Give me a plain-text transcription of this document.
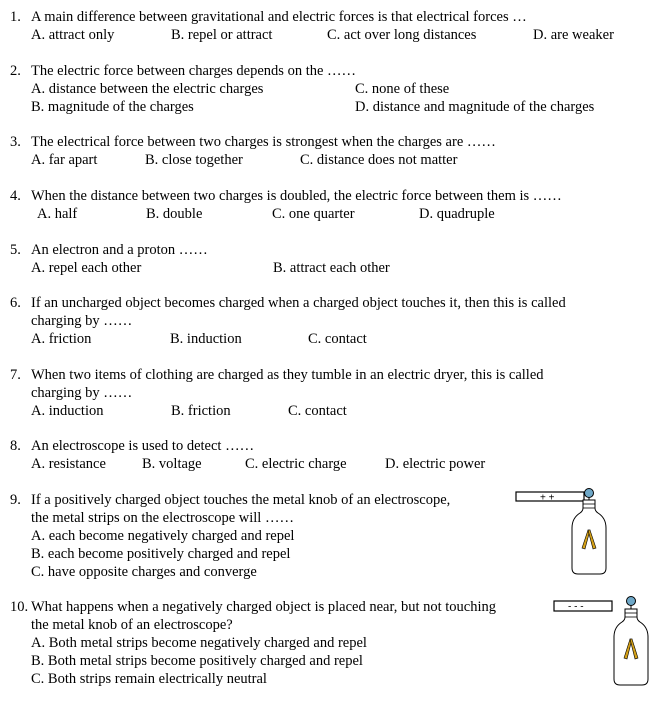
1. A main difference between gravitational and electric forces is that electrical forces …
A. attract only	B. repel or attract	C. act over long distances	D. are weaker
2. The electric force between charges depends on the ……
A. distance between the electric charges	C. none of these
B. magnitude of the charges	D. distance and magnitude of the charges
3. The electrical force between two charges is strongest when the charges are ……
A. far apart	B. close together	C. distance does not matter
4. When the distance between two charges is doubled, the electric force between them is ……
A. half	B. double	C. one quarter	D. quadruple
5. An electron and a proton ……
A. repel each other	B. attract each other
6. If an uncharged object becomes charged when a charged object touches it, then this is called
charging by ……
A. friction	B. induction	C. contact
7. When two items of clothing are charged as they tumble in an electric dryer, this is called
charging by ……
A. induction	B. friction	C. contact
8. An electroscope is used to detect ……
A. resistance B. voltage	C. electric charge	D. electric power
9. If a positively charged object touches the metal knob of an electroscope,
the metal strips on the electroscope will ……
A. each become negatively charged and repel
B. each become positively charged and repel
C. have opposite charges and converge
10. What happens when a negatively charged object is placed near, but not touching
the metal knob of an electroscope?
A. Both metal strips become negatively charged and repel
B. Both metal strips become positively charged and repel
C. Both strips remain electrically neutral
+ +
- - -
